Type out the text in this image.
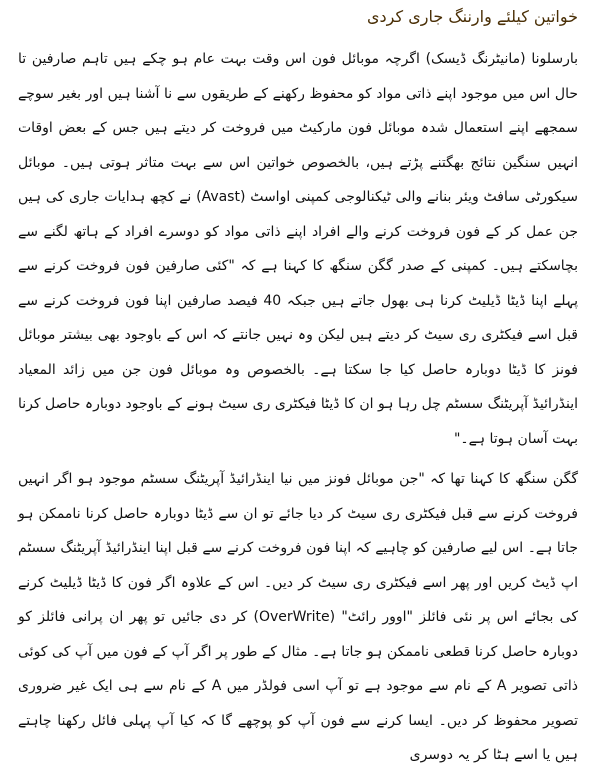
خواتین کیلئے وارننگ جاری کردی

بارسلونا (مانیٹرنگ ڈیسک) اگرچہ موبائل فون اس وقت بہت عام ہو چکے ہیں تاہم صارفین تا حال اس میں موجود اپنے ذاتی مواد کو محفوظ رکھنے کے طریقوں سے نا آشنا ہیں اور بغیر سوچے سمجھے اپنے استعمال شدہ موبائل فون مارکیٹ میں فروخت کر دیتے ہیں جس کے بعض اوقات انہیں سنگین نتائج بھگتنے پڑتے ہیں، بالخصوص خواتین اس سے بہت متاثر ہوتی ہیں۔ موبائل سیکورٹی سافٹ ویئر بنانے والی ٹیکنالوجی کمپنی اواسٹ (Avast) نے کچھ ہدایات جاری کی ہیں جن عمل کر کے فون فروخت کرنے والے افراد اپنے ذاتی مواد کو دوسرے افراد کے ہاتھ لگنے سے بچاسکتے ہیں۔ کمپنی کے صدر گگن سنگھ کا کہنا ہے کہ "کئی صارفین فون فروخت کرنے سے پہلے اپنا ڈیٹا ڈیلیٹ کرنا ہی بھول جاتے ہیں جبکہ 40 فیصد صارفین اپنا فون فروخت کرنے سے قبل اسے فیکٹری ری سیٹ کر دیتے ہیں لیکن وہ نہیں جانتے کہ اس کے باوجود بھی بیشتر موبائل فونز کا ڈیٹا دوبارہ حاصل کیا جا سکتا ہے۔ بالخصوص وہ موبائل فون جن میں زائد المعیاد اینڈرائیڈ آپریٹنگ سسٹم چل رہا ہو ان کا ڈیٹا فیکٹری ری سیٹ ہونے کے باوجود دوبارہ حاصل کرنا بہت آسان ہوتا ہے۔"

گگن سنگھ کا کہنا تھا کہ "جن موبائل فونز میں نیا اینڈرائیڈ آپریٹنگ سسٹم موجود ہو اگر انہیں فروخت کرنے سے قبل فیکٹری ری سیٹ کر دیا جائے تو ان سے ڈیٹا دوبارہ حاصل کرنا ناممکن ہو جاتا ہے۔ اس لیے صارفین کو چاہیے کہ اپنا فون فروخت کرنے سے قبل اپنا اینڈرائیڈ آپریٹنگ سسٹم اپ ڈیٹ کریں اور پھر اسے فیکٹری ری سیٹ کر دیں۔ اس کے علاوہ اگر فون کا ڈیٹا ڈیلیٹ کرنے کی بجائے اس پر نئی فائلز "اوور رائٹ" (OverWrite) کر دی جائیں تو پھر ان پرانی فائلز کو دوبارہ حاصل کرنا قطعی ناممکن ہو جاتا ہے۔ مثال کے طور پر اگر آپ کے فون میں آپ کی کوئی ذاتی تصویر A کے نام سے موجود ہے تو آپ اسی فولڈر میں A کے نام سے ہی ایک غیر ضروری تصویر محفوظ کر دیں۔ ایسا کرنے سے فون آپ کو پوچھے گا کہ کیا آپ پہلی فائل رکھنا چاہتے ہیں یا اسے ہٹا کر یہ دوسری
